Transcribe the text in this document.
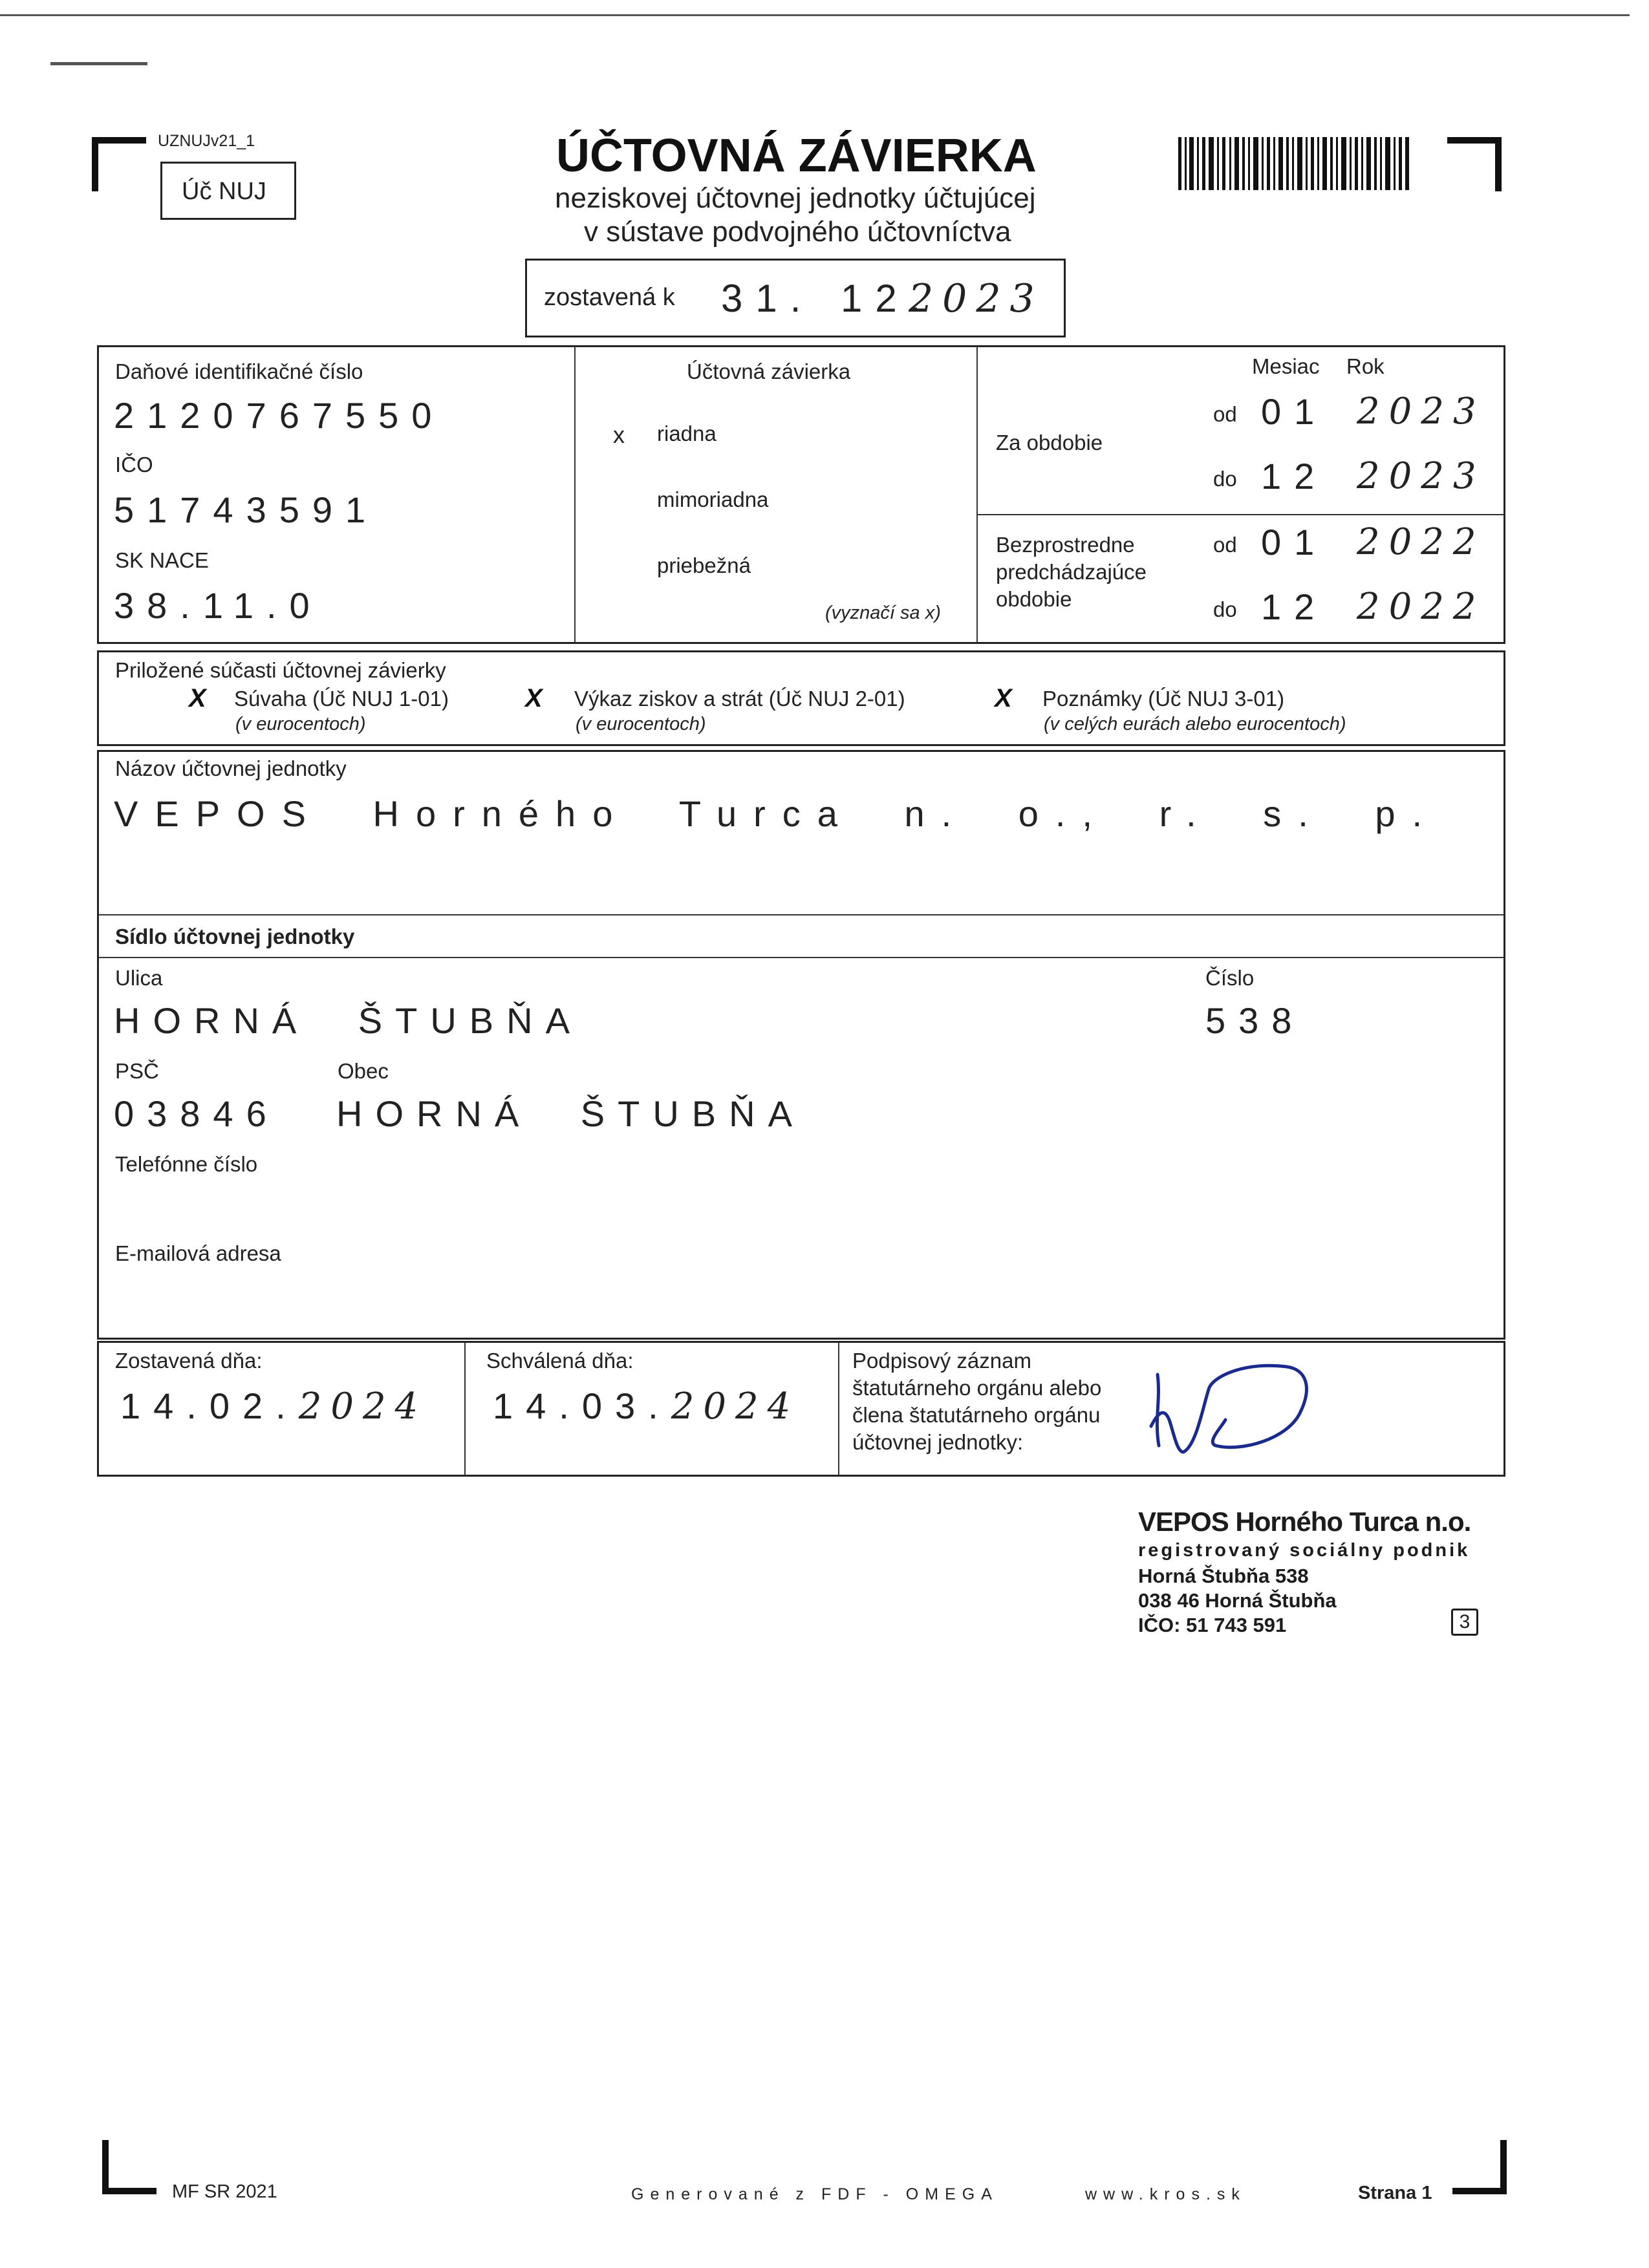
UZNUJv21_1
Úč NUJ
ÚČTOVNÁ ZÁVIERKA
neziskovej účtovnej jednotky účtujúcej
v sústave podvojného účtovníctva
zostavená k 31. 12.
2023
Daňové identifikačné číslo
2120767550
IČO
51743591
SK NACE
38.11.0
Účtovná závierka
x riadna
mimoriadna
priebežná
(vyznačí sa x)
Mesiac Rok
Za obdobie
Bezprostredne
predchádzajúce
obdobie
od 01 2023
do 12 2023
od 01 2022
do 12 2022
Priložené súčasti účtovnej závierky
X Súvaha (Úč NUJ 1-01)
(v eurocentoch)
X Výkaz ziskov a strát (Úč NUJ 2-01)
(v eurocentoch)
X Poznámky (Úč NUJ 3-01)
(v celých eurách alebo eurocentoch)
Názov účtovnej jednotky
VEPOS Horného Turca n. o., r. s. p.
Sídlo účtovnej jednotky
Ulica
HORNÁ ŠTUBŇA
Číslo
538
PSČ
03846
Obec
HORNÁ ŠTUBŇA
Telefónne číslo
E-mailová adresa
Zostavená dňa:
14.02.2024
Schválená dňa:
14.03.2024
Podpisový záznam
štatutárneho orgánu alebo
člena štatutárneho orgánu
účtovnej jednotky:
VEPOS Horného Turca n.o.
registrovaný sociálny podnik
Horná Štubňa 538
038 46 Horná Štubňa
IČO: 51 743 591	3
MF SR 2021	Generované z FDF - OMEGA	www.kros.sk	Strana 1
